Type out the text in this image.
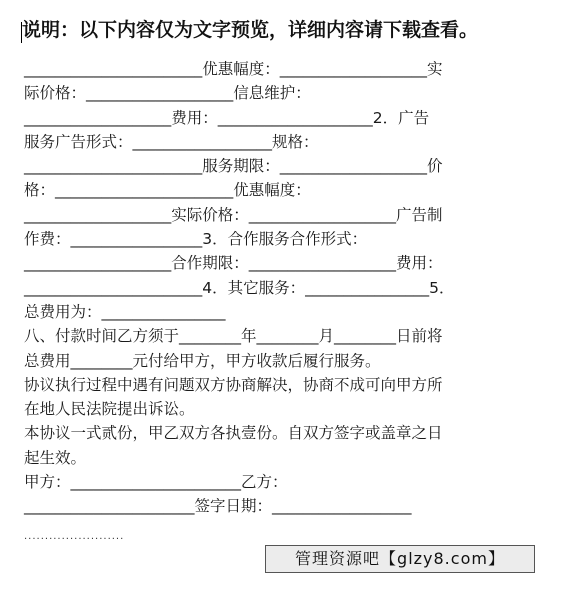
说明：以下内容仅为文字预览，详细内容请下载查看。
_______________________优惠幅度：___________________实
际价格：___________________信息维护：
___________________费用：____________________2．广告
服务广告形式：__________________规格：
_______________________服务期限：___________________价
格：_______________________优惠幅度：
___________________实际价格：___________________广告制
作费：_________________3．合作服务合作形式：
___________________合作期限：___________________费用：
_______________________4．其它服务：________________5．
总费用为：________________
八、付款时间乙方须于________年________月________日前将
总费用________元付给甲方，甲方收款后履行服务。
协议执行过程中遇有问题双方协商解决，协商不成可向甲方所
在地人民法院提出诉讼。
本协议一式贰份，甲乙双方各执壹份。自双方签字或盖章之日
起生效。
甲方：______________________乙方：
______________________签字日期：__________________
························
管理资源吧【glzy8.com】
